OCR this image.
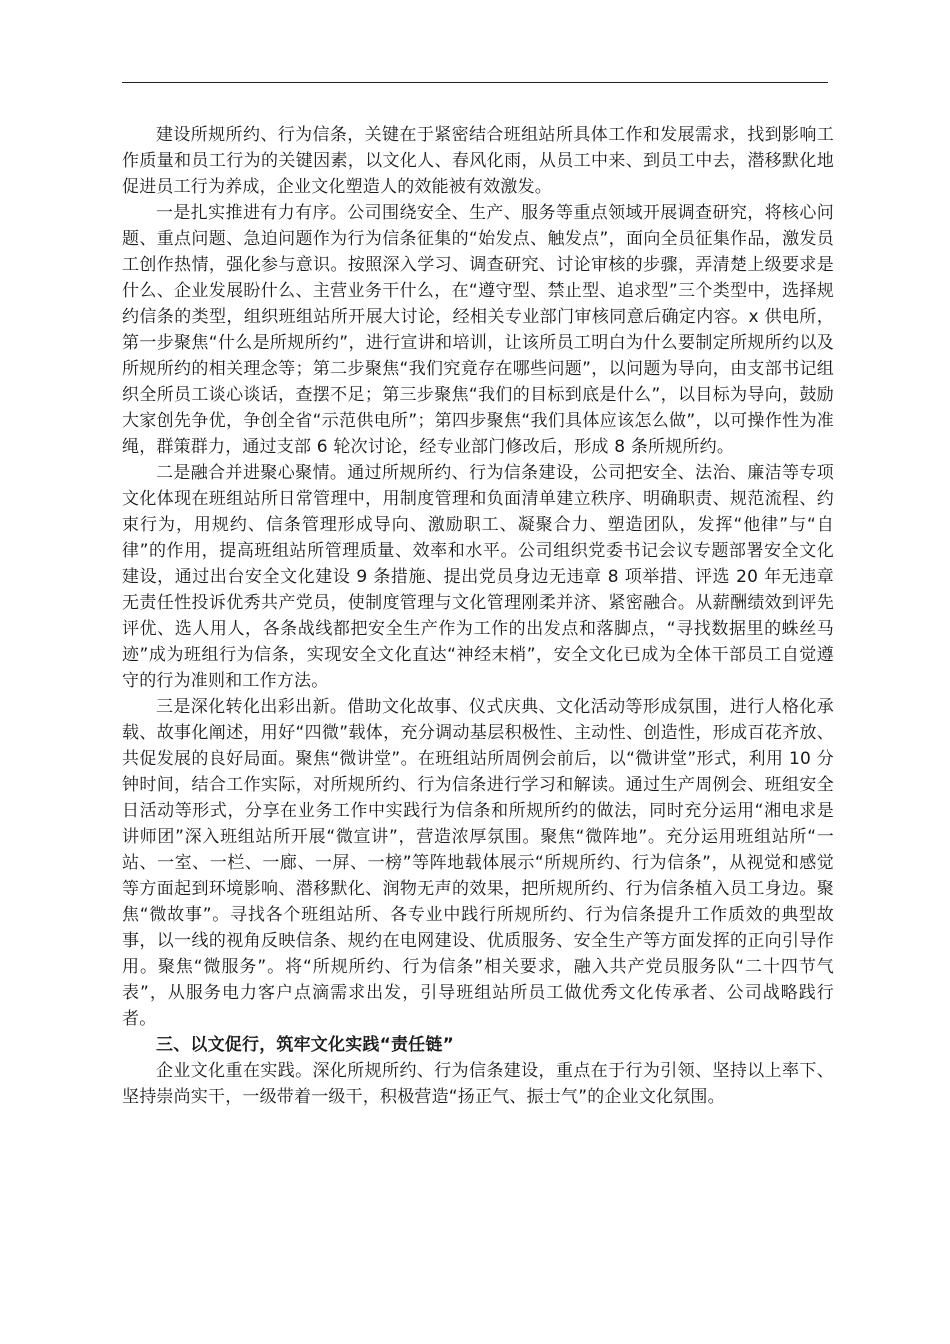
建设所规所约、行为信条，关键在于紧密结合班组站所具体工作和发展需求，找到影响工作质量和员工行为的关键因素，以文化人、春风化雨，从员工中来、到员工中去，潜移默化地促进员工行为养成，企业文化塑造人的效能被有效激发。

一是扎实推进有力有序。公司围绕安全、生产、服务等重点领域开展调查研究，将核心问题、重点问题、急迫问题作为行为信条征集的“始发点、触发点”，面向全员征集作品，激发员工创作热情，强化参与意识。按照深入学习、调查研究、讨论审核的步骤，弄清楚上级要求是什么、企业发展盼什么、主营业务干什么，在“遵守型、禁止型、追求型”三个类型中，选择规约信条的类型，组织班组站所开展大讨论，经相关专业部门审核同意后确定内容。x 供电所，第一步聚焦“什么是所规所约”，进行宣讲和培训，让该所员工明白为什么要制定所规所约以及所规所约的相关理念等；第二步聚焦“我们究竟存在哪些问题”，以问题为导向，由支部书记组织全所员工谈心谈话，查摆不足；第三步聚焦“我们的目标到底是什么”，以目标为导向，鼓励大家创先争优，争创全省“示范供电所”；第四步聚焦“我们具体应该怎么做”，以可操作性为准绳，群策群力，通过支部 6 轮次讨论，经专业部门修改后，形成 8 条所规所约。

二是融合并进聚心聚情。通过所规所约、行为信条建设，公司把安全、法治、廉洁等专项文化体现在班组站所日常管理中，用制度管理和负面清单建立秩序、明确职责、规范流程、约束行为，用规约、信条管理形成导向、激励职工、凝聚合力、塑造团队，发挥“他律”与“自律”的作用，提高班组站所管理质量、效率和水平。公司组织党委书记会议专题部署安全文化建设，通过出台安全文化建设 9 条措施、提出党员身边无违章 8 项举措、评选 20 年无违章无责任性投诉优秀共产党员，使制度管理与文化管理刚柔并济、紧密融合。从薪酬绩效到评先评优、选人用人，各条战线都把安全生产作为工作的出发点和落脚点，“寻找数据里的蛛丝马迹”成为班组行为信条，实现安全文化直达“神经末梢”，安全文化已成为全体干部员工自觉遵守的行为准则和工作方法。

三是深化转化出彩出新。借助文化故事、仪式庆典、文化活动等形成氛围，进行人格化承载、故事化阐述，用好“四微”载体，充分调动基层积极性、主动性、创造性，形成百花齐放、共促发展的良好局面。聚焦“微讲堂”。在班组站所周例会前后，以“微讲堂”形式，利用 10 分钟时间，结合工作实际，对所规所约、行为信条进行学习和解读。通过生产周例会、班组安全日活动等形式，分享在业务工作中实践行为信条和所规所约的做法，同时充分运用“湘电求是讲师团”深入班组站所开展“微宣讲”，营造浓厚氛围。聚焦“微阵地”。充分运用班组站所“一站、一室、一栏、一廊、一屏、一榜”等阵地载体展示“所规所约、行为信条”，从视觉和感觉等方面起到环境影响、潜移默化、润物无声的效果，把所规所约、行为信条植入员工身边。聚焦“微故事”。寻找各个班组站所、各专业中践行所规所约、行为信条提升工作质效的典型故事，以一线的视角反映信条、规约在电网建设、优质服务、安全生产等方面发挥的正向引导作用。聚焦“微服务”。将“所规所约、行为信条”相关要求，融入共产党员服务队“二十四节气表”，从服务电力客户点滴需求出发，引导班组站所员工做优秀文化传承者、公司战略践行者。

三、以文促行，筑牢文化实践“责任链”

企业文化重在实践。深化所规所约、行为信条建设，重点在于行为引领、坚持以上率下、坚持崇尚实干，一级带着一级干，积极营造“扬正气、振士气”的企业文化氛围。
